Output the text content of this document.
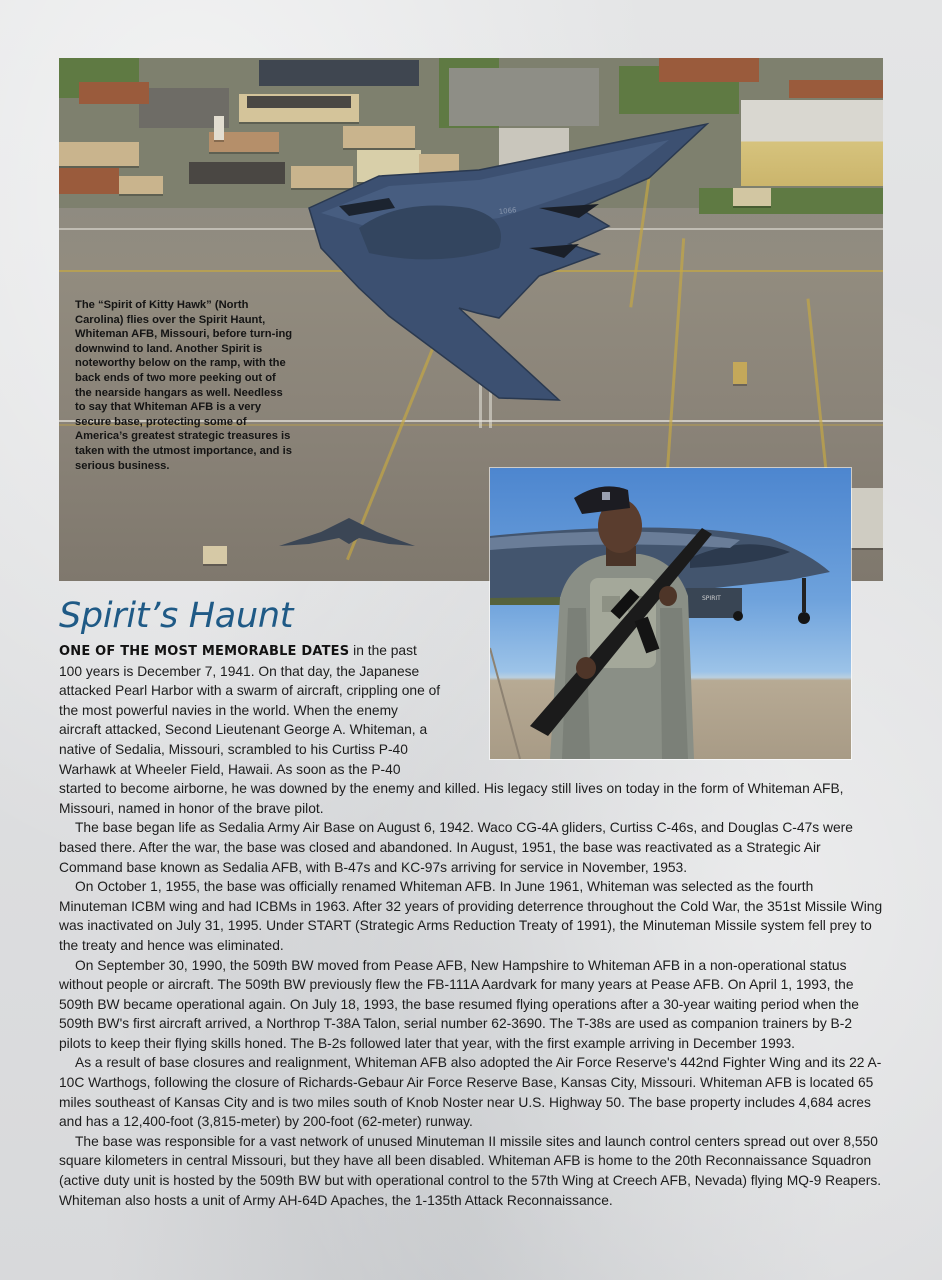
1066

The “Spirit of Kitty Hawk” (North Carolina) flies over the Spirit Haunt, Whiteman AFB, Missouri, before turn-ing downwind to land. Another Spirit is noteworthy below on the ramp, with the back ends of two more peeking out of the nearside hangars as well. Needless to say that Whiteman AFB is a very secure base, protecting some of America’s greatest strategic treasures is taken with the utmost importance, and is serious business.

SPIRIT
Spirit’s Haunt

ONE OF THE MOST MEMORABLE DATES in the past 100 years is December 7, 1941. On that day, the Japanese attacked Pearl Harbor with a swarm of aircraft, crippling one of the most powerful navies in the world. When the enemy aircraft attacked, Second Lieutenant George A. Whiteman, a native of Sedalia, Missouri, scrambled to his Curtiss P-40 Warhawk at Wheeler Field, Hawaii. As soon as the P-40 started to become airborne, he was downed by the enemy and killed. His legacy still lives on today in the form of Whiteman AFB, Missouri, named in honor of the brave pilot.

The base began life as Sedalia Army Air Base on August 6, 1942. Waco CG-4A gliders, Curtiss C-46s, and Douglas C-47s were based there. After the war, the base was closed and abandoned. In August, 1951, the base was reactivated as a Strategic Air Command base known as Sedalia AFB, with B-47s and KC-97s arriving for service in November, 1953.

On October 1, 1955, the base was officially renamed Whiteman AFB. In June 1961, Whiteman was selected as the fourth Minuteman ICBM wing and had ICBMs in 1963. After 32 years of providing deterrence throughout the Cold War, the 351st Missile Wing was inactivated on July 31, 1995. Under START (Strategic Arms Reduction Treaty of 1991), the Minuteman Missile system fell prey to the treaty and hence was eliminated.

On September 30, 1990, the 509th BW moved from Pease AFB, New Hampshire to Whiteman AFB in a non-operational status without people or aircraft. The 509th BW previously flew the FB-111A Aardvark for many years at Pease AFB. On April 1, 1993, the 509th BW became operational again. On July 18, 1993, the base resumed flying operations after a 30-year waiting period when the 509th BW's first aircraft arrived, a Northrop T-38A Talon, serial number 62-3690. The T-38s are used as companion trainers by B-2 pilots to keep their flying skills honed. The B-2s followed later that year, with the first example arriving in December 1993.

As a result of base closures and realignment, Whiteman AFB also adopted the Air Force Reserve's 442nd Fighter Wing and its 22 A-10C Warthogs, following the closure of Richards-Gebaur Air Force Reserve Base, Kansas City, Missouri. Whiteman AFB is located 65 miles southeast of Kansas City and is two miles south of Knob Noster near U.S. Highway 50. The base property includes 4,684 acres and has a 12,400-foot (3,815-meter) by 200-foot (62-meter) runway.

The base was responsible for a vast network of unused Minuteman II missile sites and launch control centers spread out over 8,550 square kilometers in central Missouri, but they have all been disabled. Whiteman AFB is home to the 20th Reconnaissance Squadron (active duty unit is hosted by the 509th BW but with operational control to the 57th Wing at Creech AFB, Nevada) flying MQ-9 Reapers. Whiteman also hosts a unit of Army AH-64D Apaches, the 1-135th Attack Reconnaissance.
